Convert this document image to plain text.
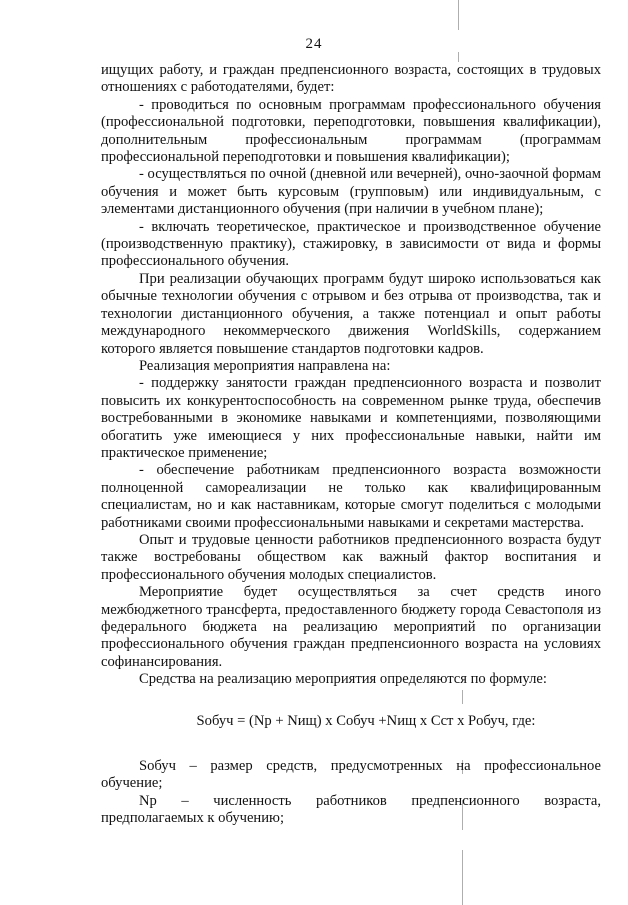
24

ищущих работу, и граждан предпенсионного возраста, состоящих в трудовых отношениях с работодателями, будет:

- проводиться по основным программам профессионального обучения (профессиональной подготовки, переподготовки, повышения квалификации), дополнительным профессиональным программам (программам профессиональной переподготовки и повышения квалификации);

- осуществляться по очной (дневной или вечерней), очно-заочной формам обучения и может быть курсовым (групповым) или индивидуальным, с элементами дистанционного обучения (при наличии в учебном плане);

- включать теоретическое, практическое и производственное обучение (производственную практику), стажировку, в зависимости от вида и формы профессионального обучения.

При реализации обучающих программ будут широко использоваться как обычные технологии обучения с отрывом и без отрыва от производства, так и технологии дистанционного обучения, а также потенциал и опыт работы международного некоммерческого движения WorldSkills, содержанием которого является повышение стандартов подготовки кадров.

Реализация мероприятия направлена на:

- поддержку занятости граждан предпенсионного возраста и позволит повысить их конкурентоспособность на современном рынке труда, обеспечив востребованными в экономике навыками и компетенциями, позволяющими обогатить уже имеющиеся у них профессиональные навыки, найти им практическое применение;

- обеспечение работникам предпенсионного возраста возможности полноценной самореализации не только как квалифицированным специалистам, но и как наставникам, которые смогут поделиться с молодыми работниками своими профессиональными навыками и секретами мастерства.

Опыт и трудовые ценности работников предпенсионного возраста будут также востребованы обществом как важный фактор воспитания и профессионального обучения молодых специалистов.

Мероприятие будет осуществляться за счет средств иного межбюджетного трансферта, предоставленного бюджету города Севастополя из федерального бюджета на реализацию мероприятий по организации профессионального обучения граждан предпенсионного возраста на условиях софинансирования.

Средства на реализацию мероприятия определяются по формуле:

Sобуч = (Nр + Nищ) х Cобуч +Nищ х Cст х Pобуч, где:

Sобуч – размер средств, предусмотренных на профессиональное обучение;

Nр – численность работников предпенсионного возраста, предполагаемых к обучению;
